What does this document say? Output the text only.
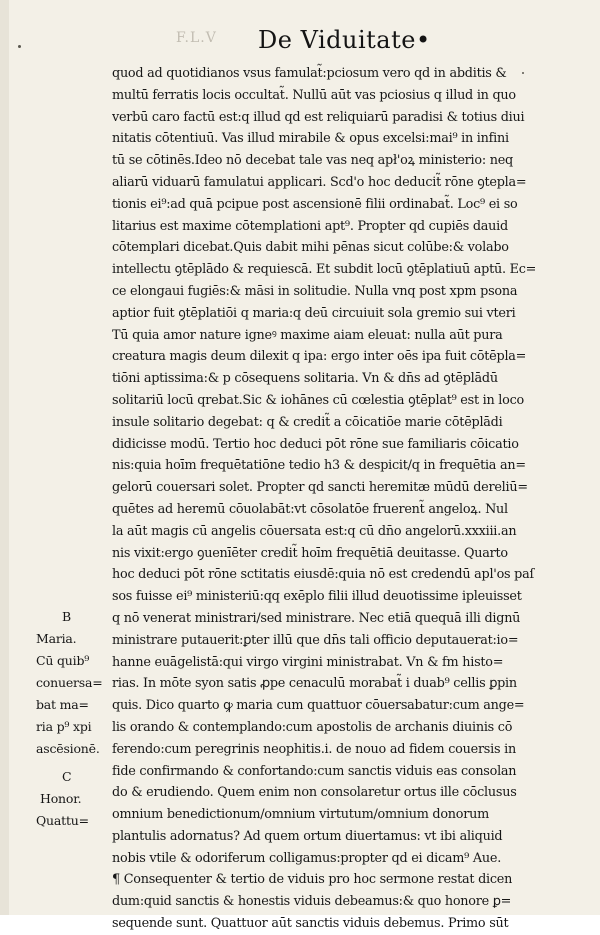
F.L.V De Viduitate•
quod ad quotidianos vsus famulat̃:pciosum vero qd in abditis &
multū ferratis locis occultat̃. Nullū aūt vas pciosius q illud in quo
verbū caro factū est:q illud qd est reliquiarū paradisi & totius diui
nitatis cōtentiuū. Vas illud mirabile & opus excelsi:mai⁹ in infini
tū se cōtinēs.Ideo nō decebat tale vas neq apł'oꝝ ministerio: neq
aliarū viduarū famulatui applicari. Scd'o hoc deducit̃ rōne ꝯtepla=
tionis ei⁹:ad quā pcipue post ascensionē filii ordinabat̃. Loc⁹ ei so
litarius est maxime cōtemplationi apt⁹. Propter qd cupiēs dauid
cōtemplari dicebat.Quis dabit mihi pēnas sicut colūbe:& volabo
intellectu ꝯtēplādo & requiescā. Et subdit locū ꝯtēplatiuū aptū. Ec=
ce elongaui fugiēs:& māsi in solitudie. Nulla vnq post xpm psona
aptior fuit ꝯtēplatiōi q maria:q deū circuiuit sola gremio sui vteri
Tū quia amor nature igneꝰ maxime aiam eleuat: nulla aūt pura
creatura magis deum dilexit q ipa: ergo inter oēs ipa fuit cōtēpla=
tiōni aptissima:& p cōsequens solitaria. Vn & dn̄s ad ꝯtēplādū
solitariū locū qrebat.Sic & iohānes cū cœlestia ꝯtēplat⁹ est in loco
insule solitario degebat: q & credit̃ a cōicatiōe marie cōtēplādi
didicisse modū. Tertio hoc deduci pōt rōne sue familiaris cōicatio
nis:quia hoīm frequētatiōne tedio h3 & despicit/q in frequētia an=
gelorū couersari solet. Propter qd sancti heremitæ mūdū dereliū=
quētes ad heremū cōuolabāt:vt cōsolatōe fruerent̃ angeloꝝ. Nul
la aūt magis cū angelis cōuersata est:q cū dn̄o angelorū.xxxiii.an
nis vixit:ergo ꝯuenīēter credit̃ hoīm frequētiā deuitasse. Quarto
hoc deduci pōt rōne sctitatis eiusdē:quia nō est credendū apl'os paſ
sos fuisse ei⁹ ministeriū:qq exēplo filii illud deuotissime ipleuisset
q nō venerat ministrari/sed ministrare. Nec etiā quequā illi dignū
ministrare putauerit:ꝑter illū que dn̄s tali officio deputauerat:io=
hanne euāgelistā:qui virgo virgini ministrabat. Vn & fm histo=
rias. In mōte syon satis ꝓpe cenaculū morabat̃ i duab⁹ cellis ꝑpin
quis. Dico quarto ꝙ maria cum quattuor cōuersabatur:cum ange=
lis orando & contemplando:cum apostolis de archanis diuinis cō
ferendo:cum peregrinis neophitis.i. de nouo ad fidem couersis in
fide confirmando & confortando:cum sanctis viduis eas consolan
do & erudiendo. Quem enim non consolaretur ortus ille cōclusus
omnium benedictionum/omnium virtutum/omnium donorum
plantulis adornatus? Ad quem ortum diuertamus: vt ibi aliquid
nobis vtile & odoriferum colligamus:propter qd ei dicam⁹ Aue.
¶ Consequenter & tertio de viduis pro hoc sermone restat dicen
dum:quid sanctis & honestis viduis debeamus:& quo honore ꝑ=
sequende sunt. Quattuor aūt sanctis viduis debemus. Primo sūt
B
Maria.
Cū quib⁹
conuersa=
bat ma=
ria p⁹ xpi
ascēsionē.
C
Honor.
Quattu=
